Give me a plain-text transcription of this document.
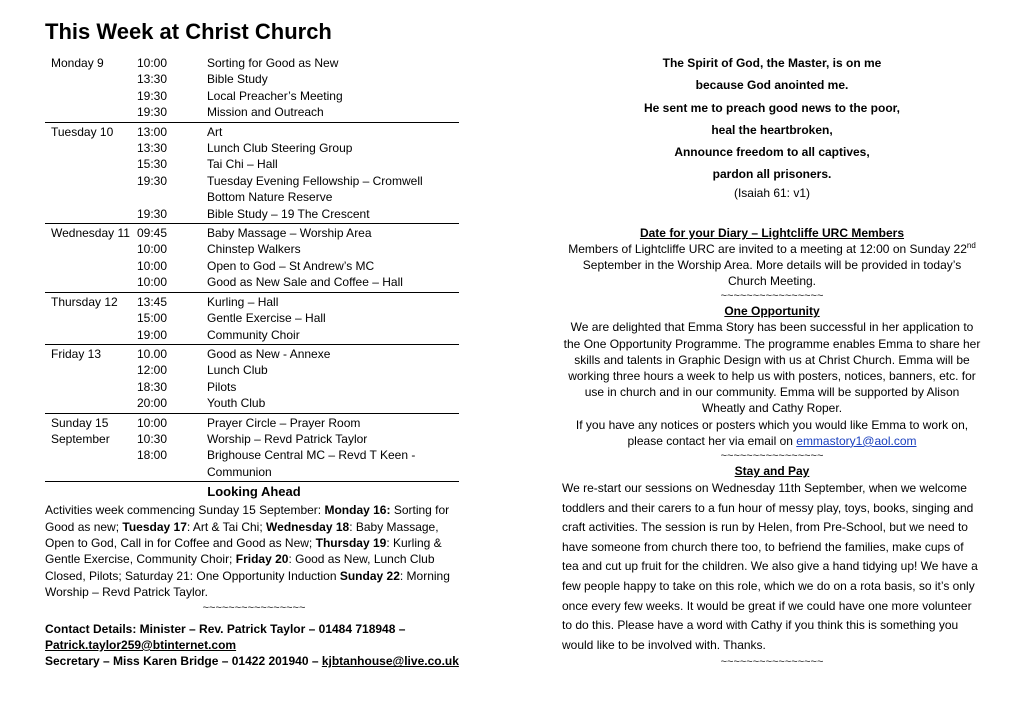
This Week at Christ Church
Monday 9	10:00	Sorting for Good as New
13:30	Bible Study
19:30	Local Preacher’s Meeting
19:30	Mission and Outreach
Tuesday 10	13:00	Art
13:30	Lunch Club Steering Group
15:30	Tai Chi – Hall
19:30	Tuesday Evening Fellowship – Cromwell
Bottom Nature Reserve
19:30	Bible Study – 19 The Crescent
Wednesday 11 09:45	Baby Massage – Worship Area
10:00	Chinstep Walkers
10:00	Open to God – St Andrew’s MC
10:00	Good as New Sale and Coffee – Hall
Thursday 12	13:45	Kurling – Hall
15:00	Gentle Exercise – Hall
19:00	Community Choir
Friday 13	10.00	Good as New - Annexe
12:00	Lunch Club
18:30	Pilots
20:00	Youth Club
Sunday 15	10:00	Prayer Circle – Prayer Room
September	10:30	Worship – Revd Patrick Taylor
18:00	Brighouse Central MC – Revd T Keen -
Communion
Looking Ahead

Activities week commencing Sunday 15 September: Monday 16: Sorting for Good as new; Tuesday 17: Art & Tai Chi; Wednesday 18: Baby Massage, Open to God, Call in for Coffee and Good as New; Thursday 19: Kurling & Gentle Exercise, Community Choir; Friday 20: Good as New, Lunch Club Closed, Pilots; Saturday 21: One Opportunity Induction Sunday 22: Morning Worship – Revd Patrick Taylor.

~~~~~~~~~~~~~~~~
Contact Details: Minister – Rev. Patrick Taylor – 01484 718948 –
Patrick.taylor259@btinternet.com
Secretary – Miss Karen Bridge – 01422 201940 – kjbtanhouse@live.co.uk

The Spirit of God, the Master, is on me

because God anointed me.

He sent me to preach good news to the poor,

heal the heartbroken,

Announce freedom to all captives,

pardon all prisoners.

(Isaiah 61: v1)

Date for your Diary – Lightcliffe URC Members

Members of Lightcliffe URC are invited to a meeting at 12:00 on Sunday 22nd September in the Worship Area. More details will be provided in today’s Church Meeting.

~~~~~~~~~~~~~~~~

One Opportunity

We are delighted that Emma Story has been successful in her application to the One Opportunity Programme. The programme enables Emma to share her skills and talents in Graphic Design with us at Christ Church. Emma will be working three hours a week to help us with posters, notices, banners, etc. for use in church and in our community. Emma will be supported by Alison Wheatly and Cathy Roper.

If you have any notices or posters which you would like Emma to work on, please contact her via email on emmastory1@aol.com

~~~~~~~~~~~~~~~~

Stay and Pay

We re-start our sessions on Wednesday 11th September, when we welcome toddlers and their carers to a fun hour of messy play, toys, books, singing and craft activities. The session is run by Helen, from Pre-School, but we need to have someone from church there too, to befriend the families, make cups of tea and cut up fruit for the children. We also give a hand tidying up! We have a few people happy to take on this role, which we do on a rota basis, so it’s only once every few weeks. It would be great if we could have one more volunteer to do this. Please have a word with Cathy if you think this is something you would like to be involved with. Thanks.

~~~~~~~~~~~~~~~~
